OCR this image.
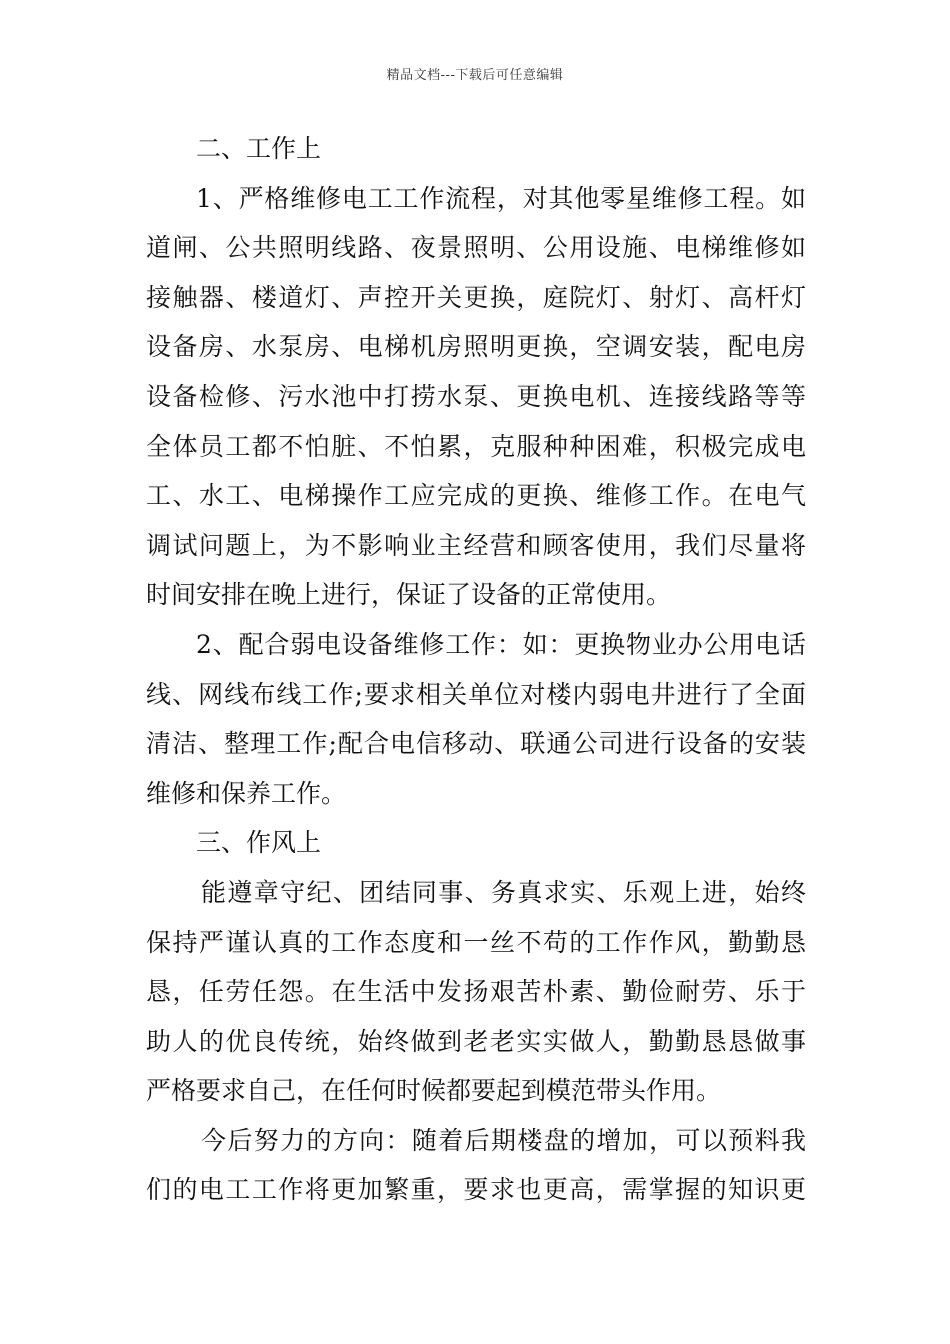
精品文档---下载后可任意编辑
二、工作上
1、严格维修电工工作流程，对其他零星维修工程。如
道闸、公共照明线路、夜景照明、公用设施、电梯维修如
接触器、楼道灯、声控开关更换，庭院灯、射灯、高杆灯
设备房、水泵房、电梯机房照明更换，空调安装，配电房
设备检修、污水池中打捞水泵、更换电机、连接线路等等
全体员工都不怕脏、不怕累，克服种种困难，积极完成电
工、水工、电梯操作工应完成的更换、维修工作。在电气
调试问题上，为不影响业主经营和顾客使用，我们尽量将
时间安排在晚上进行，保证了设备的正常使用。
2、配合弱电设备维修工作：如：更换物业办公用电话
线、网线布线工作;要求相关单位对楼内弱电井进行了全面
清洁、整理工作;配合电信移动、联通公司进行设备的安装
维修和保养工作。
三、作风上
能遵章守纪、团结同事、务真求实、乐观上进，始终
保持严谨认真的工作态度和一丝不苟的工作作风，勤勤恳
恳，任劳任怨。在生活中发扬艰苦朴素、勤俭耐劳、乐于
助人的优良传统，始终做到老老实实做人，勤勤恳恳做事
严格要求自己，在任何时候都要起到模范带头作用。
今后努力的方向：随着后期楼盘的增加，可以预料我
们的电工工作将更加繁重，要求也更高，需掌握的知识更
